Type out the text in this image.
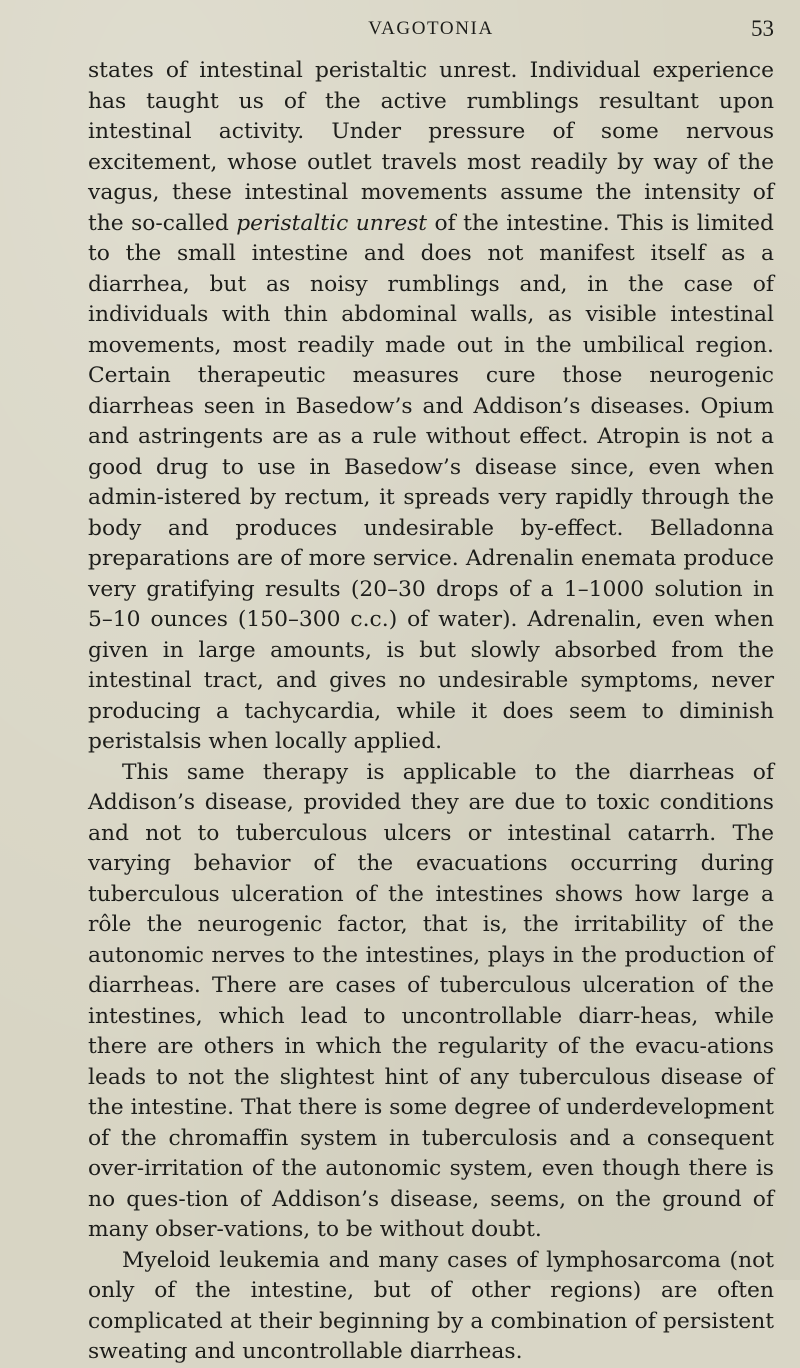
VAGOTONIA	53

states of intestinal peristaltic unrest. Individual experience has taught us of the active rumblings resultant upon intestinal activity. Under pressure of some nervous excitement, whose outlet travels most readily by way of the vagus, these intestinal movements assume the intensity of the so-called peristaltic unrest of the intestine. This is limited to the small intestine and does not manifest itself as a diarrhea, but as noisy rumblings and, in the case of individuals with thin abdominal walls, as visible intestinal movements, most readily made out in the umbilical region. Certain therapeutic measures cure those neurogenic diarrheas seen in Basedow’s and Addison’s diseases. Opium and astringents are as a rule without effect. Atropin is not a good drug to use in Basedow’s disease since, even when admin-istered by rectum, it spreads very rapidly through the body and produces undesirable by-effect. Belladonna preparations are of more service. Adrenalin enemata produce very gratifying results (20–30 drops of a 1–1000 solution in 5–10 ounces (150–300 c.c.) of water). Adrenalin, even when given in large amounts, is but slowly absorbed from the intestinal tract, and gives no undesirable symptoms, never producing a tachycardia, while it does seem to diminish peristalsis when locally applied.

This same therapy is applicable to the diarrheas of Addison’s disease, provided they are due to toxic conditions and not to tuberculous ulcers or intestinal catarrh. The varying behavior of the evacuations occurring during tuberculous ulceration of the intestines shows how large a rôle the neurogenic factor, that is, the irritability of the autonomic nerves to the intestines, plays in the production of diarrheas. There are cases of tuberculous ulceration of the intestines, which lead to uncontrollable diarr-heas, while there are others in which the regularity of the evacu-ations leads to not the slightest hint of any tuberculous disease of the intestine. That there is some degree of underdevelopment of the chromaffin system in tuberculosis and a consequent over-irritation of the autonomic system, even though there is no ques-tion of Addison’s disease, seems, on the ground of many obser-vations, to be without doubt.

Myeloid leukemia and many cases of lymphosarcoma (not only of the intestine, but of other regions) are often complicated at their beginning by a combination of persistent sweating and uncontrollable diarrheas.
